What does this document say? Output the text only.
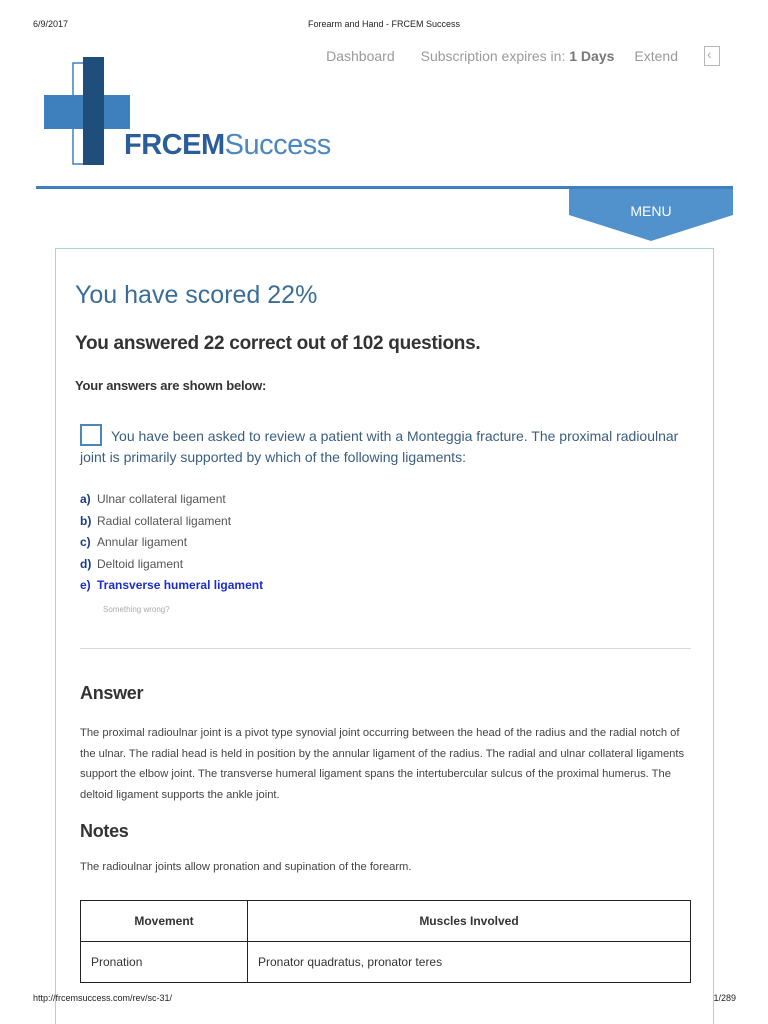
6/9/2017	Forearm and Hand - FRCEM Success
Dashboard Subscription expires in: 1 Days Extend
‹
FRCEMSuccess
MENU
You have scored 22%
You answered 22 correct out of 102 questions.
Your answers are shown below:
You have been asked to review a patient with a Monteggia fracture. The proximal radioulnar joint is primarily supported by which of the following ligaments:
a) Ulnar collateral ligament
b) Radial collateral ligament
c) Annular ligament
d) Deltoid ligament
e) Transverse humeral ligament
Something wrong?
Answer
The proximal radioulnar joint is a pivot type synovial joint occurring between the head of the radius and the radial notch of the ulnar. The radial head is held in position by the annular ligament of the radius. The radial and ulnar collateral ligaments support the elbow joint. The transverse humeral ligament spans the intertubercular sulcus of the proximal humerus. The deltoid ligament supports the ankle joint.
Notes
The radioulnar joints allow pronation and supination of the forearm.
Movement	Muscles Involved
Pronation	Pronator quadratus, pronator teres
http://frcemsuccess.com/rev/sc-31/	1/289
